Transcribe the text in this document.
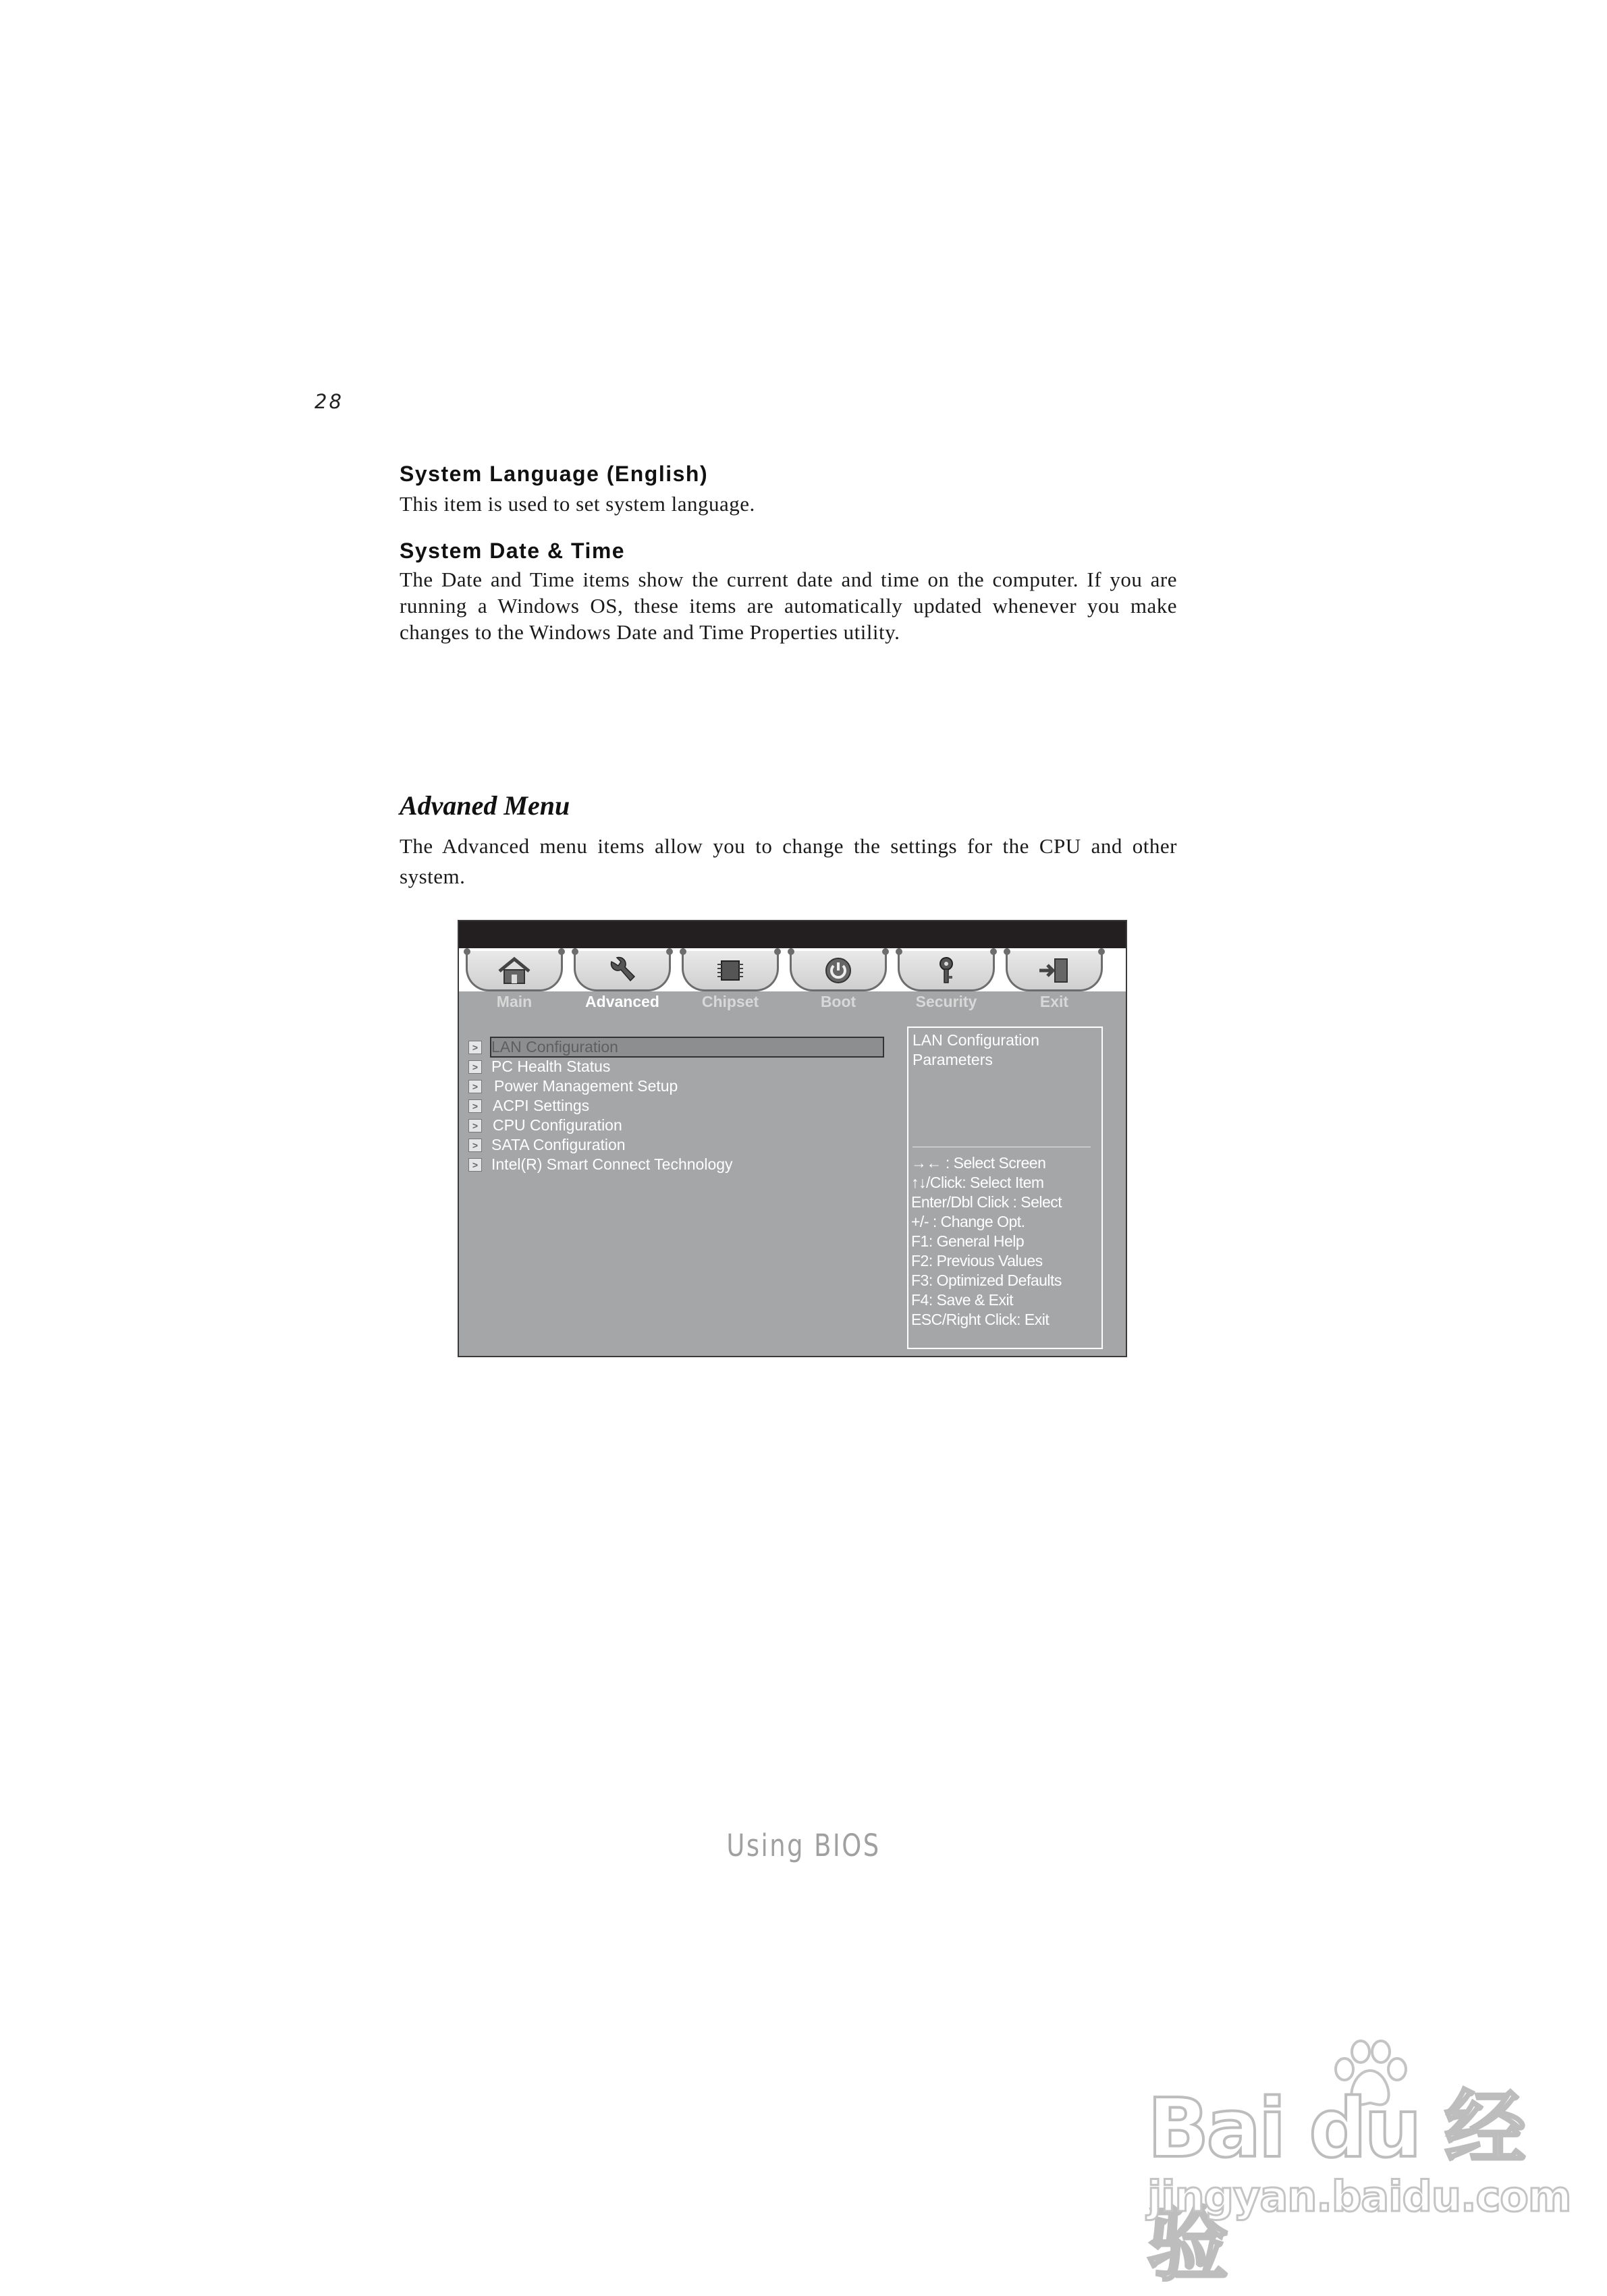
28
System Language (English)

This item is used to set system language.

System Date & Time

The Date and Time items show the current date and time on the computer. If you are running a Windows OS, these items are automatically updated whenever you make changes to the Windows Date and Time Properties utility.

Advaned Menu

The Advanced menu items allow you to change the settings for the CPU and other system.

Main	Advanced	Chipset	Boot	Security	Exit
> LAN Configuration
> PC Health Status
> Power Management Setup
> ACPI Settings
> CPU Configuration
> SATA Configuration
> Intel(R) Smart Connect Technology
LAN Configuration
Parameters
→← : Select Screen
↑↓/Click: Select Item
Enter/Dbl Click : Select
+/- : Change Opt.
F1: General Help
F2: Previous Values
F3: Optimized Defaults
F4: Save & Exit
ESC/Right Click: Exit
Using BIOS
Bai du 经验
jingyan.baidu.com
